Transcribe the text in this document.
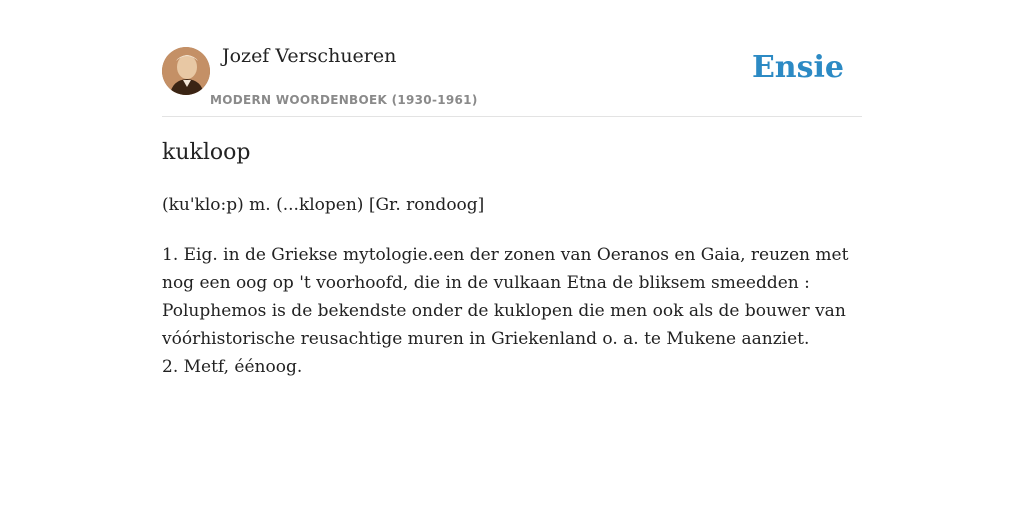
Jozef Verschueren
MODERN WOORDENBOEK (1930-1961)
Ensie
kukloop
(ku'klo:p) m. (...klopen) [Gr. rondoog]
1. Eig. in de Griekse mytologie.een der zonen van Oeranos en Gaia, reuzen met nog een oog op 't voorhoofd, die in de vulkaan Etna de bliksem smeedden : Poluphemos is de bekendste onder de kuklopen die men ook als de bouwer van vóórhistorische reusachtige muren in Griekenland o. a. te Mukene aanziet.
2. Metf, éénoog.
